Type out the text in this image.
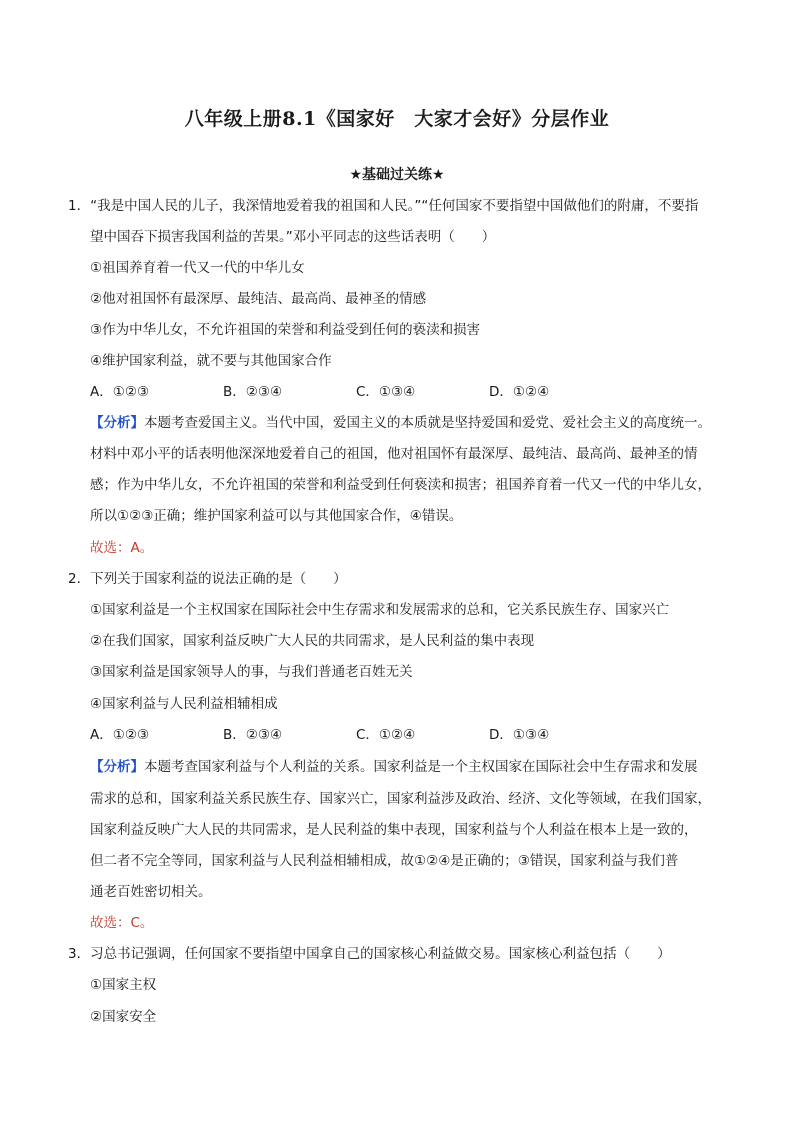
八年级上册8.1《国家好　大家才会好》分层作业
★基础过关练★
1．“我是中国人民的儿子，我深情地爱着我的祖国和人民。”“任何国家不要指望中国做他们的附庸，不要指
望中国吞下损害我国利益的苦果。”邓小平同志的这些话表明（　　）
①祖国养育着一代又一代的中华儿女
②他对祖国怀有最深厚、最纯洁、最高尚、最神圣的情感
③作为中华儿女，不允许祖国的荣誉和利益受到任何的亵渎和损害
④维护国家利益，就不要与其他国家合作
A．①②③	B．②③④	C．①③④	D．①②④
【分析】本题考查爱国主义。当代中国，爱国主义的本质就是坚持爱国和爱党、爱社会主义的高度统一。
材料中邓小平的话表明他深深地爱着自己的祖国，他对祖国怀有最深厚、最纯洁、最高尚、最神圣的情
感；作为中华儿女，不允许祖国的荣誉和利益受到任何亵渎和损害；祖国养育着一代又一代的中华儿女，
所以①②③正确；维护国家利益可以与其他国家合作，④错误。
故选：A。
2．下列关于国家利益的说法正确的是（　　）
①国家利益是一个主权国家在国际社会中生存需求和发展需求的总和，它关系民族生存、国家兴亡
②在我们国家，国家利益反映广大人民的共同需求，是人民利益的集中表现
③国家利益是国家领导人的事，与我们普通老百姓无关
④国家利益与人民利益相辅相成
A．①②③	B．②③④	C．①②④	D．①③④
【分析】本题考查国家利益与个人利益的关系。国家利益是一个主权国家在国际社会中生存需求和发展
需求的总和，国家利益关系民族生存、国家兴亡，国家利益涉及政治、经济、文化等领域，在我们国家，
国家利益反映广大人民的共同需求，是人民利益的集中表现，国家利益与个人利益在根本上是一致的，
但二者不完全等同，国家利益与人民利益相辅相成，故①②④是正确的；③错误，国家利益与我们普
通老百姓密切相关。
故选：C。
3．习总书记强调，任何国家不要指望中国拿自己的国家核心利益做交易。国家核心利益包括（　　）
①国家主权
②国家安全
